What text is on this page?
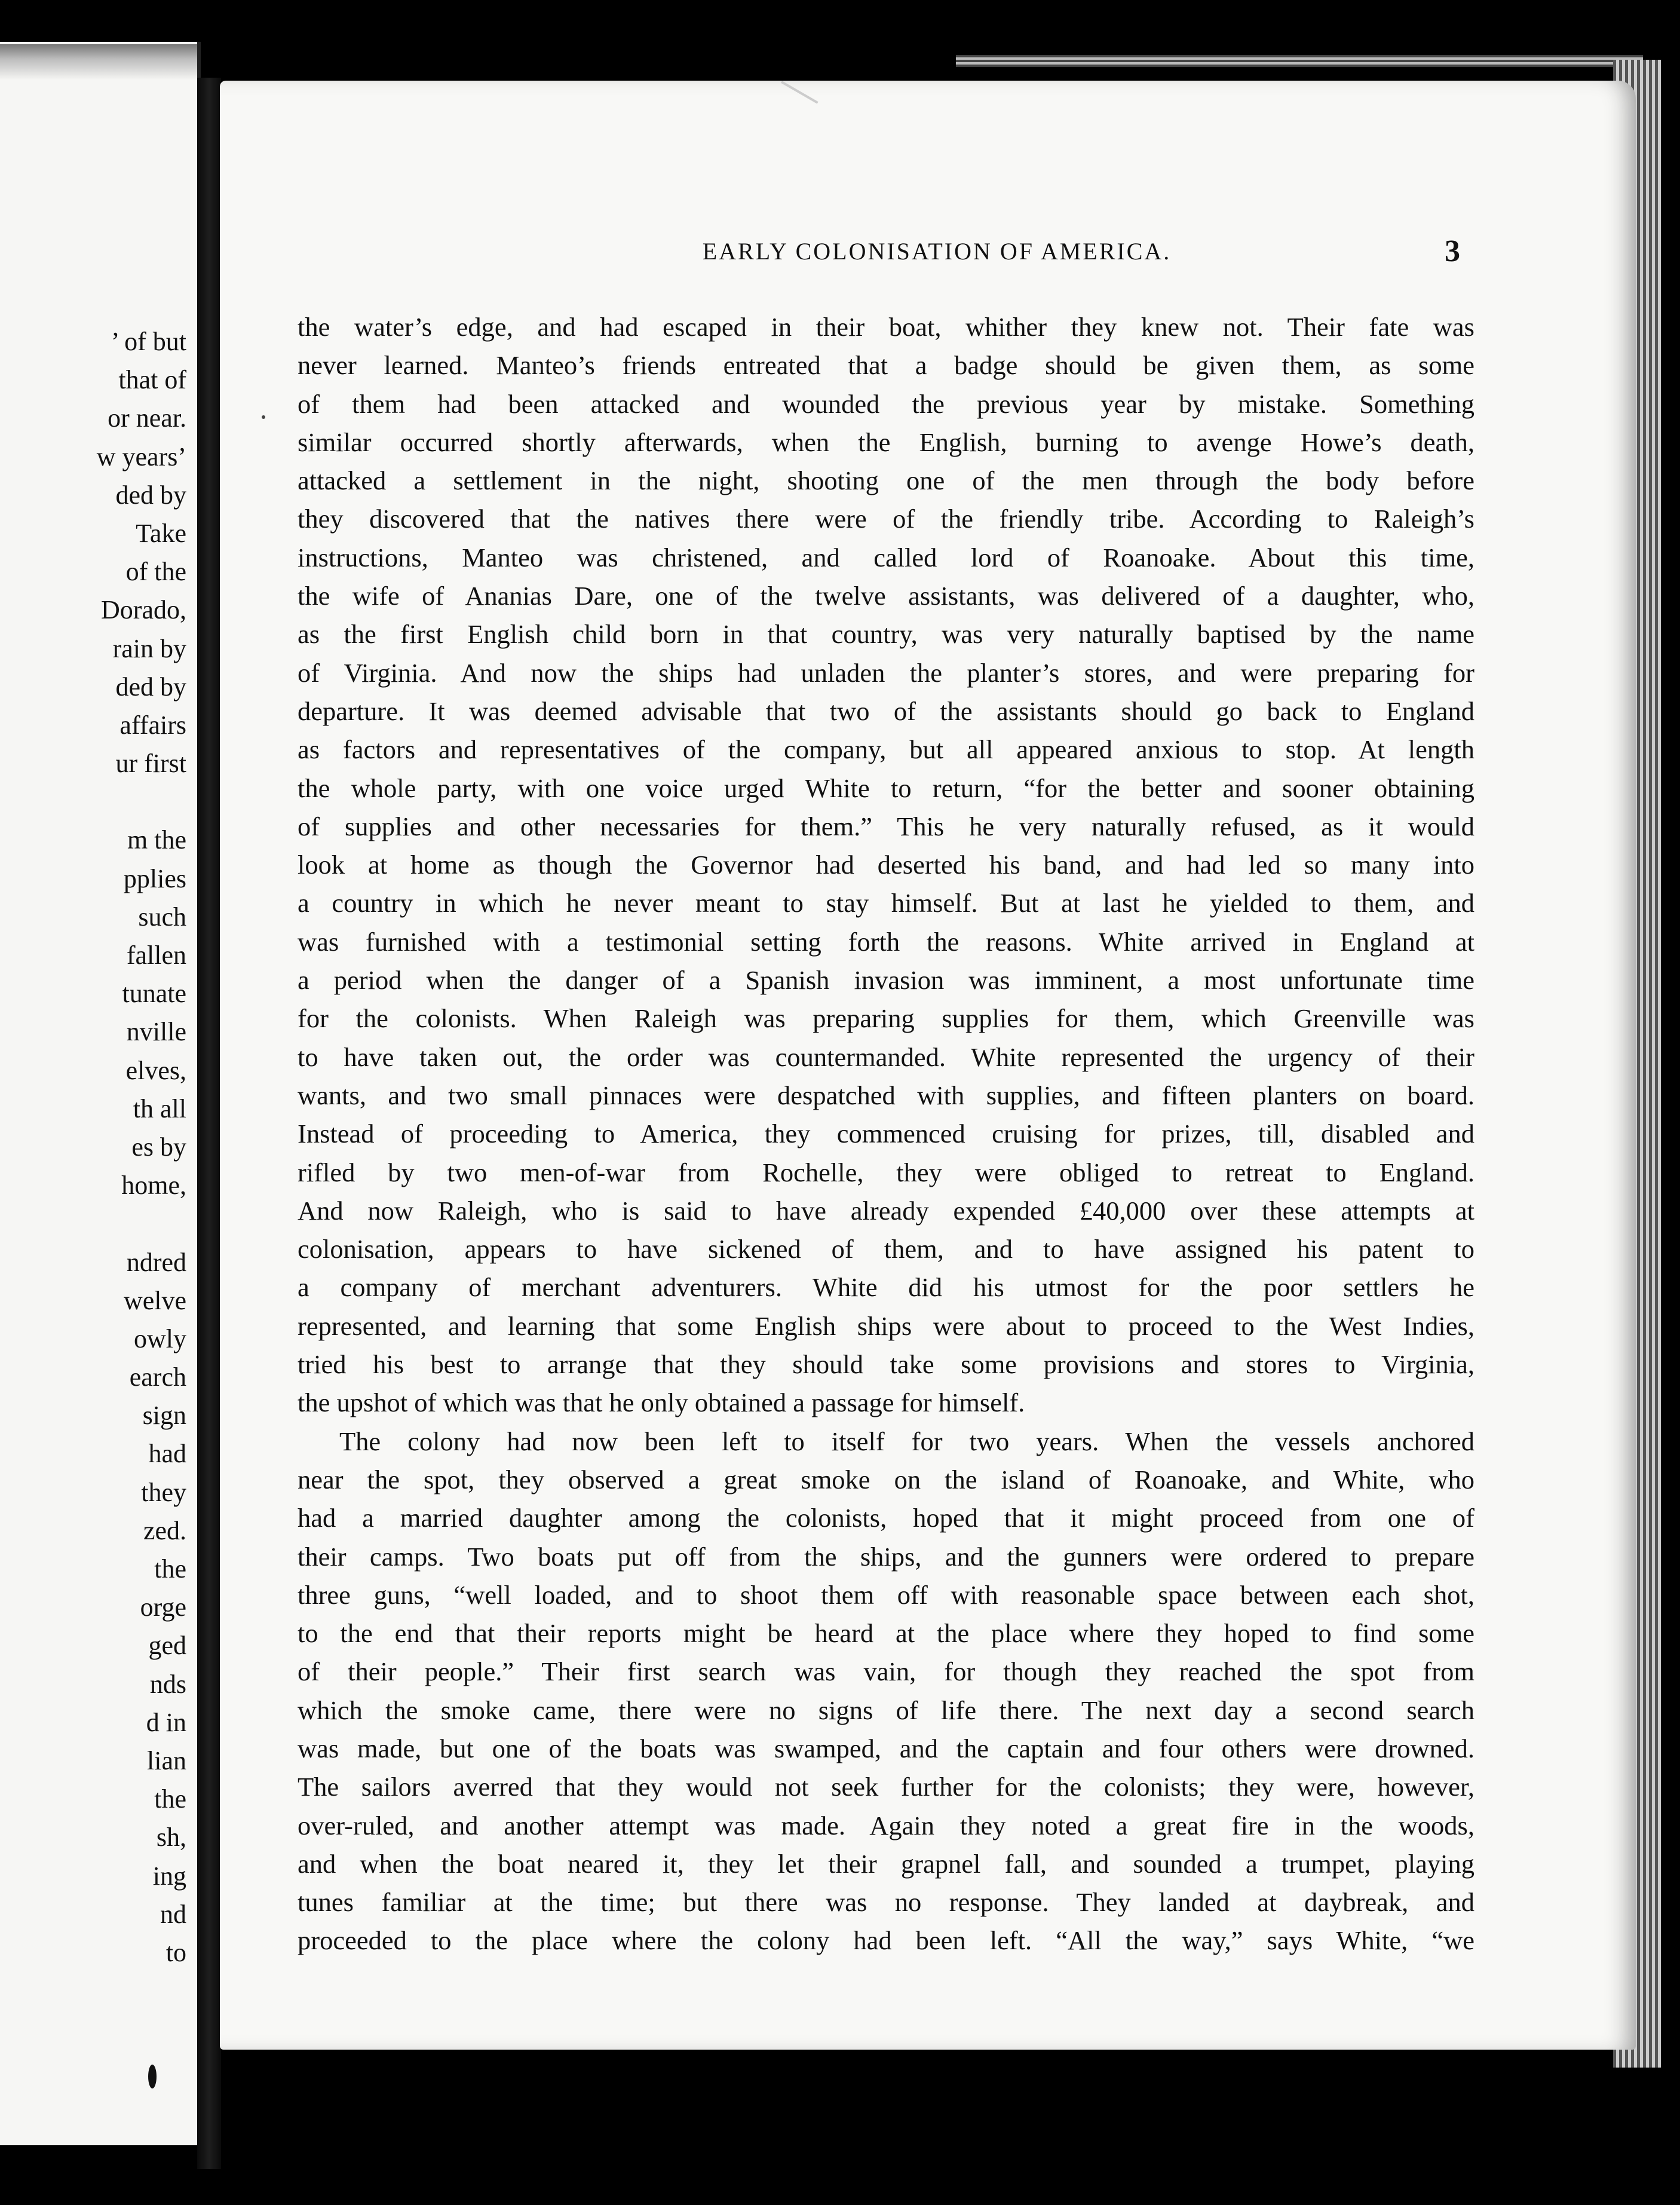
’ of but
that of
or near.
w years’
ded by
Take
of the
Dorado,
rain by
ded by
affairs
ur first
m the
pplies
such
fallen
tunate
nville
elves,
th all
es by
home,
ndred
welve
owly
earch
sign
had
they
zed.
the
orge
ged
nds
d in
lian
the
sh,
ing
nd
to
EARLY COLONISATION OF AMERICA.	3
the water’s edge, and had escaped in their boat, whither they knew not. Their fate was
never learned. Manteo’s friends entreated that a badge should be given them, as some
of them had been attacked and wounded the previous year by mistake. Something
similar occurred shortly afterwards, when the English, burning to avenge Howe’s death,
attacked a settlement in the night, shooting one of the men through the body before
they discovered that the natives there were of the friendly tribe. According to Raleigh’s
instructions, Manteo was christened, and called lord of Roanoake. About this time,
the wife of Ananias Dare, one of the twelve assistants, was delivered of a daughter, who,
as the first English child born in that country, was very naturally baptised by the name
of Virginia. And now the ships had unladen the planter’s stores, and were preparing for
departure. It was deemed advisable that two of the assistants should go back to England
as factors and representatives of the company, but all appeared anxious to stop. At length
the whole party, with one voice urged White to return, “for the better and sooner obtaining
of supplies and other necessaries for them.” This he very naturally refused, as it would
look at home as though the Governor had deserted his band, and had led so many into
a country in which he never meant to stay himself. But at last he yielded to them, and
was furnished with a testimonial setting forth the reasons. White arrived in England at
a period when the danger of a Spanish invasion was imminent, a most unfortunate time
for the colonists. When Raleigh was preparing supplies for them, which Greenville was
to have taken out, the order was countermanded. White represented the urgency of their
wants, and two small pinnaces were despatched with supplies, and fifteen planters on board.
Instead of proceeding to America, they commenced cruising for prizes, till, disabled and
rifled by two men-of-war from Rochelle, they were obliged to retreat to England.
And now Raleigh, who is said to have already expended £40,000 over these attempts at
colonisation, appears to have sickened of them, and to have assigned his patent to
a company of merchant adventurers. White did his utmost for the poor settlers he
represented, and learning that some English ships were about to proceed to the West Indies,
tried his best to arrange that they should take some provisions and stores to Virginia,
the upshot of which was that he only obtained a passage for himself.
The colony had now been left to itself for two years. When the vessels anchored
near the spot, they observed a great smoke on the island of Roanoake, and White, who
had a married daughter among the colonists, hoped that it might proceed from one of
their camps. Two boats put off from the ships, and the gunners were ordered to prepare
three guns, “well loaded, and to shoot them off with reasonable space between each shot,
to the end that their reports might be heard at the place where they hoped to find some
of their people.” Their first search was vain, for though they reached the spot from
which the smoke came, there were no signs of life there. The next day a second search
was made, but one of the boats was swamped, and the captain and four others were drowned.
The sailors averred that they would not seek further for the colonists; they were, however,
over-ruled, and another attempt was made. Again they noted a great fire in the woods,
and when the boat neared it, they let their grapnel fall, and sounded a trumpet, playing
tunes familiar at the time; but there was no response. They landed at daybreak, and
proceeded to the place where the colony had been left. “All the way,” says White, “we
